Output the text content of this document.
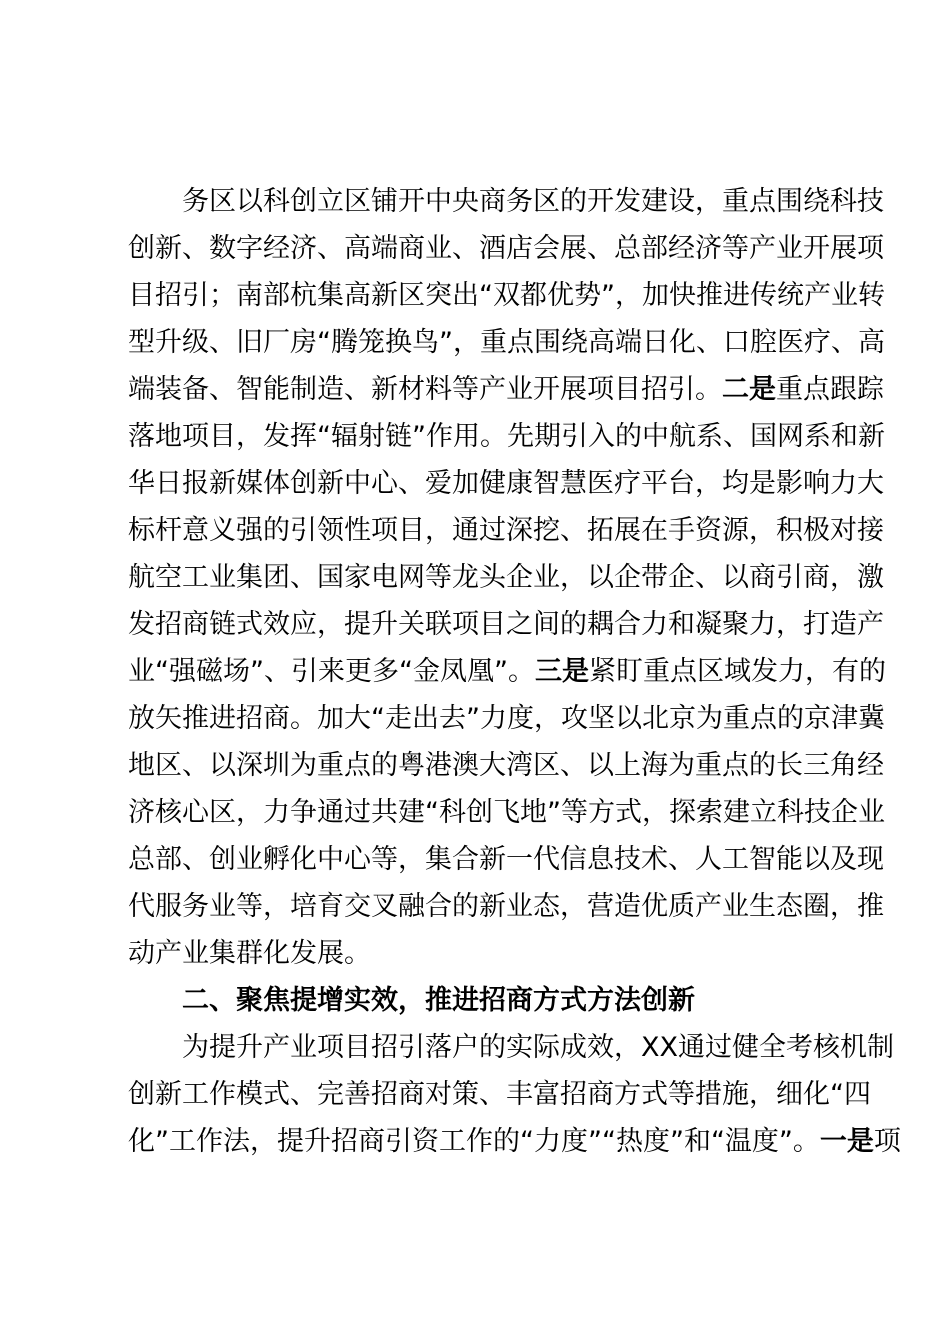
务区以科创立区铺开中央商务区的开发建设，重点围绕科技
创新、数字经济、高端商业、酒店会展、总部经济等产业开展项
目招引；南部杭集高新区突出“双都优势”，加快推进传统产业转
型升级、旧厂房“腾笼换鸟”，重点围绕高端日化、口腔医疗、高
端装备、智能制造、新材料等产业开展项目招引。二是重点跟踪
落地项目，发挥“辐射链”作用。先期引入的中航系、国网系和新
华日报新媒体创新中心、爱加健康智慧医疗平台，均是影响力大
标杆意义强的引领性项目，通过深挖、拓展在手资源，积极对接
航空工业集团、国家电网等龙头企业，以企带企、以商引商，激
发招商链式效应，提升关联项目之间的耦合力和凝聚力，打造产
业“强磁场”、引来更多“金凤凰”。三是紧盯重点区域发力，有的
放矢推进招商。加大“走出去”力度，攻坚以北京为重点的京津冀
地区、以深圳为重点的粤港澳大湾区、以上海为重点的长三角经
济核心区，力争通过共建“科创飞地”等方式，探索建立科技企业
总部、创业孵化中心等，集合新一代信息技术、人工智能以及现
代服务业等，培育交叉融合的新业态，营造优质产业生态圈，推
动产业集群化发展。
二、聚焦提增实效，推进招商方式方法创新
为提升产业项目招引落户的实际成效，XX通过健全考核机制
创新工作模式、完善招商对策、丰富招商方式等措施，细化“四
化”工作法，提升招商引资工作的“力度”“热度”和“温度”。一是项
